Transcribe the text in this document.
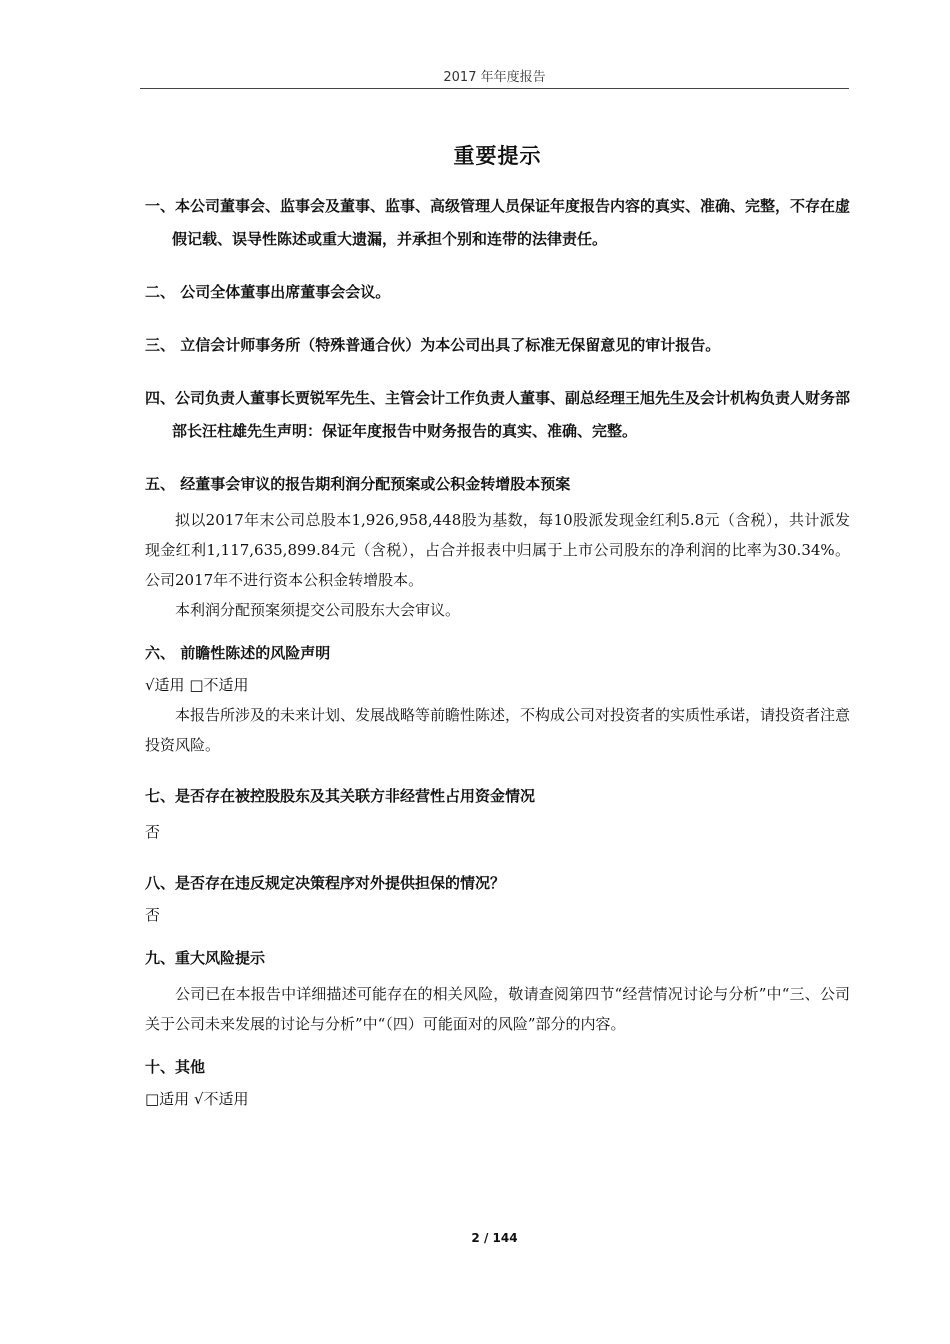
2017 年年度报告
重要提示

一、本公司董事会、监事会及董事、监事、高级管理人员保证年度报告内容的真实、准确、完整，不存在虚假记载、误导性陈述或重大遗漏，并承担个别和连带的法律责任。

二、 公司全体董事出席董事会会议。

三、 立信会计师事务所（特殊普通合伙）为本公司出具了标准无保留意见的审计报告。

四、公司负责人董事长贾锐军先生、主管会计工作负责人董事、副总经理王旭先生及会计机构负责人财务部部长汪柱雄先生声明：保证年度报告中财务报告的真实、准确、完整。

五、 经董事会审议的报告期利润分配预案或公积金转增股本预案

拟以2017年末公司总股本1,926,958,448股为基数，每10股派发现金红利5.8元（含税），共计派发现金红利1,117,635,899.84元（含税），占合并报表中归属于上市公司股东的净利润的比率为30.34%。公司2017年不进行资本公积金转增股本。

本利润分配预案须提交公司股东大会审议。

六、 前瞻性陈述的风险声明

√适用 □不适用

本报告所涉及的未来计划、发展战略等前瞻性陈述，不构成公司对投资者的实质性承诺，请投资者注意投资风险。

七、是否存在被控股股东及其关联方非经营性占用资金情况

否

八、是否存在违反规定决策程序对外提供担保的情况？

否

九、重大风险提示

公司已在本报告中详细描述可能存在的相关风险，敬请查阅第四节“经营情况讨论与分析”中“三、公司关于公司未来发展的讨论与分析”中“（四）可能面对的风险”部分的内容。

十、其他

□适用 √不适用

2 / 144
